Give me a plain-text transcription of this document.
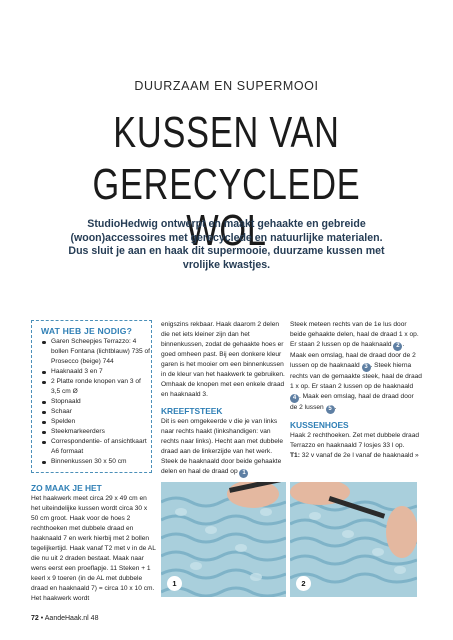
DUURZAAM EN SUPERMOOI
KUSSEN VAN
GERECYCLEDE WOL
StudioHedwig ontwerpt en maakt gehaakte en gebreide (woon)accessoires met gerecyclede en natuurlijke materialen. Dus sluit je aan en haak dit supermooie, duurzame kussen met vrolijke kwastjes.
WAT HEB JE NODIG?
Garen Scheepjes Terrazzo: 4 bollen Fontana (lichtblauw) 735 of Prosecco (beige) 744
Haaknaald 3 en 7
2 Platte ronde knopen van 3 of 3,5 cm Ø
Stopnaald
Schaar
Spelden
Steekmarkeerders
Correspondentie- of ansichtkaart A6 formaat
Binnenkussen 30 x 50 cm
ZO MAAK JE HET

Het haakwerk meet circa 29 x 49 cm en het uiteindelijke kussen wordt circa 30 x 50 cm groot. Haak voor de hoes 2 rechthoeken met dubbele draad en haaknaald 7 en werk hierbij met 2 bollen tegelijkertijd. Haak vanaf T2 met v in de AL die nu uit 2 draden bestaat. Maak naar wens eerst een proeflapje. 11 Steken + 1 keerl x 9 toeren (in de AL met dubbele draad en haaknaald 7) = circa 10 x 10 cm. Het haakwerk wordt

enigszins rekbaar. Haak daarom 2 delen die net iets kleiner zijn dan het binnenkussen, zodat de gehaakte hoes er goed omheen past. Bij een donkere kleur garen is het mooier om een binnenkussen in de kleur van het haakwerk te gebruiken. Omhaak de knopen met een enkele draad en haaknaald 3.

KREEFTSTEEK

Dit is een omgekeerde v die je van links naar rechts haakt (linkshandigen: van rechts naar links). Hecht aan met dubbele draad aan de linkerzijde van het werk. Steek de haaknaald door beide gehaakte delen en haal de draad op 1

Steek meteen rechts van de 1e lus door beide gehaakte delen, haal de draad 1 x op. Er staan 2 lussen op de haaknaald 2 . Maak een omslag, haal de draad door de 2 lussen op de haaknaald 3 . Steek hierna rechts van de gemaakte steek, haal de draad 1 x op. Er staan 2 lussen op de haaknaald 4 . Maak een omslag, haal de draad door de 2 lussen 5 .

KUSSENHOES

Haak 2 rechthoeken. Zet met dubbele draad Terrazzo en haaknaald 7 losjes 33 l op.

T1: 32 v vanaf de 2e l vanaf de haaknaald »

1	2
72 • AandeHaak.nl 48
